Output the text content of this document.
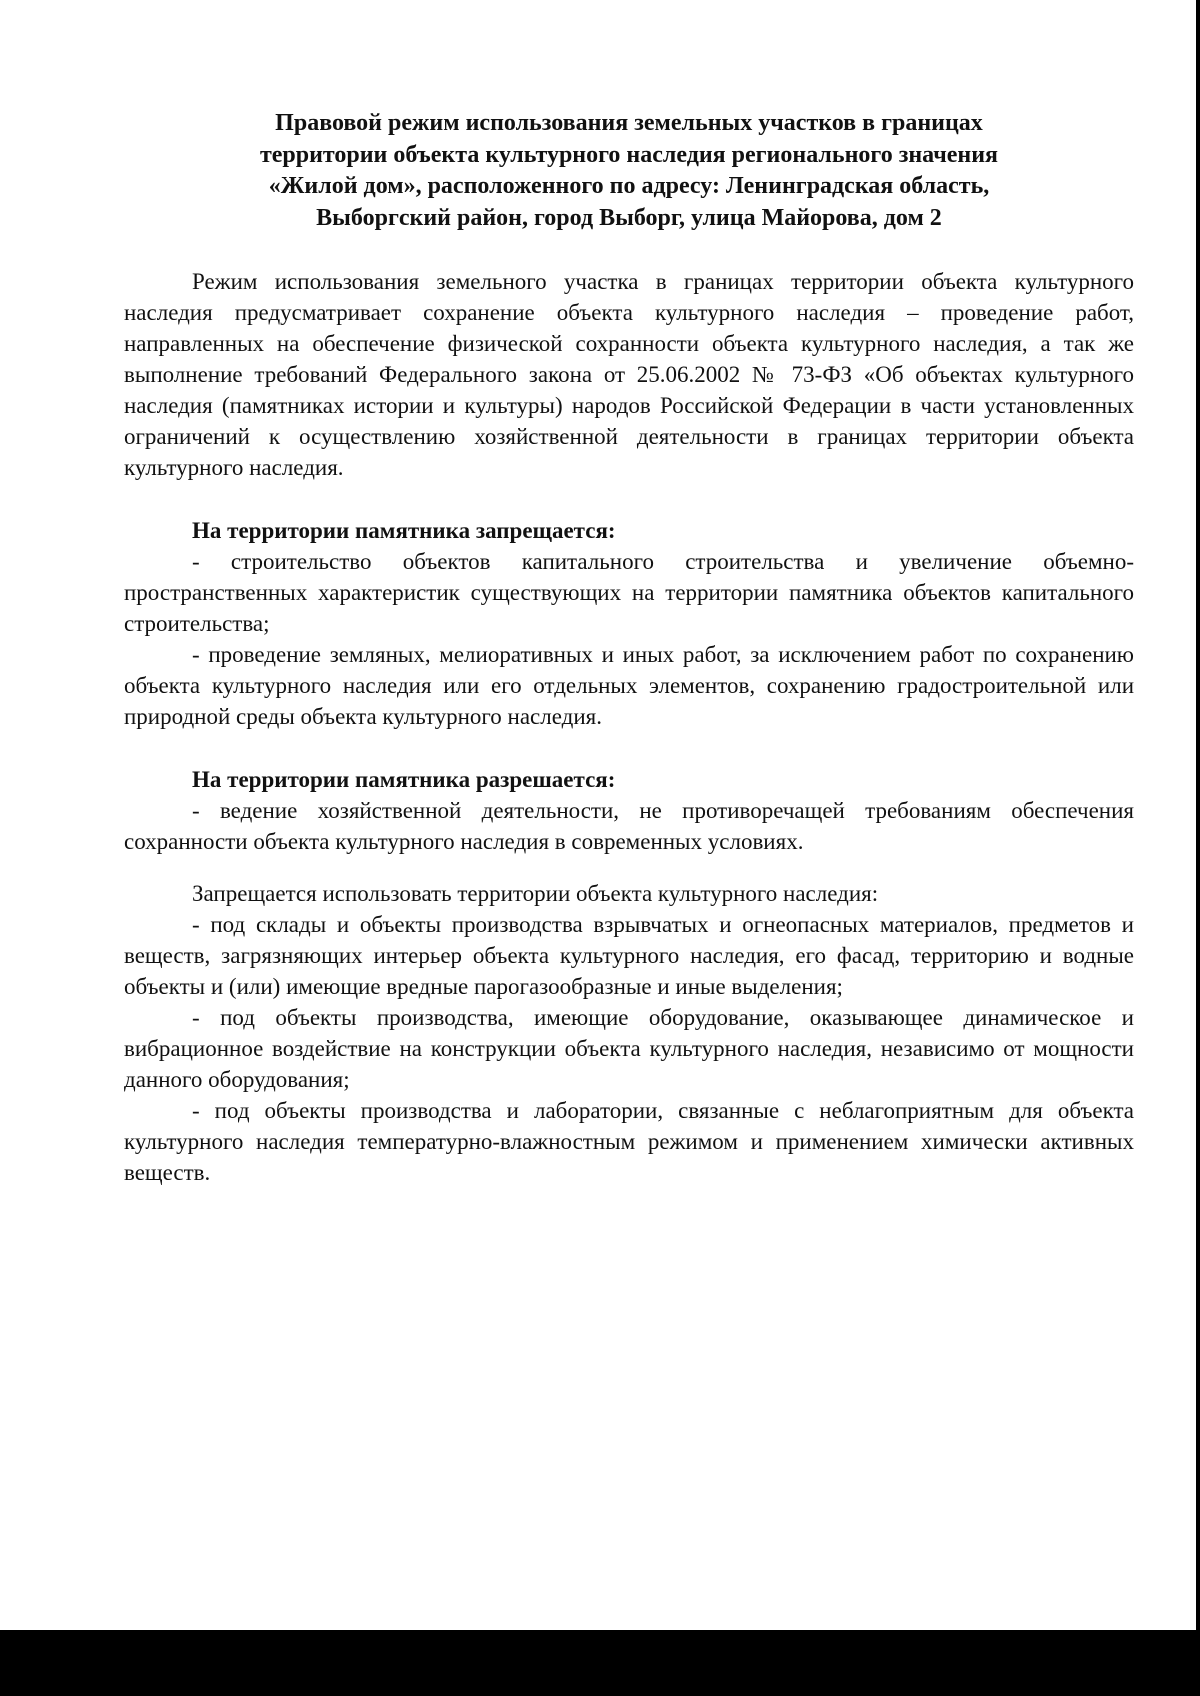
Правовой режим использования земельных участков в границах
территории объекта культурного наследия регионального значения
«Жилой дом», расположенного по адресу: Ленинградская область,
Выборгский район, город Выборг, улица Майорова, дом 2

Режим использования земельного участка в границах территории объекта культурного наследия предусматривает сохранение объекта культурного наследия – проведение работ, направленных на обеспечение физической сохранности объекта культурного наследия, а так же выполнение требований Федерального закона от 25.06.2002 № 73-ФЗ «Об объектах культурного наследия (памятниках истории и культуры) народов Российской Федерации в части установленных ограничений к осуществлению хозяйственной деятельности в границах территории объекта культурного наследия.

На территории памятника запрещается:

- строительство объектов капитального строительства и увеличение объемно-пространственных характеристик существующих на территории памятника объектов капитального строительства;

- проведение земляных, мелиоративных и иных работ, за исключением работ по сохранению объекта культурного наследия или его отдельных элементов, сохранению градостроительной или природной среды объекта культурного наследия.

На территории памятника разрешается:

- ведение хозяйственной деятельности, не противоречащей требованиям обеспечения сохранности объекта культурного наследия в современных условиях.

Запрещается использовать территории объекта культурного наследия:

- под склады и объекты производства взрывчатых и огнеопасных материалов, предметов и веществ, загрязняющих интерьер объекта культурного наследия, его фасад, территорию и водные объекты и (или) имеющие вредные парогазообразные и иные выделения;

- под объекты производства, имеющие оборудование, оказывающее динамическое и вибрационное воздействие на конструкции объекта культурного наследия, независимо от мощности данного оборудования;

- под объекты производства и лаборатории, связанные с неблагоприятным для объекта культурного наследия температурно-влажностным режимом и применением химически активных веществ.
